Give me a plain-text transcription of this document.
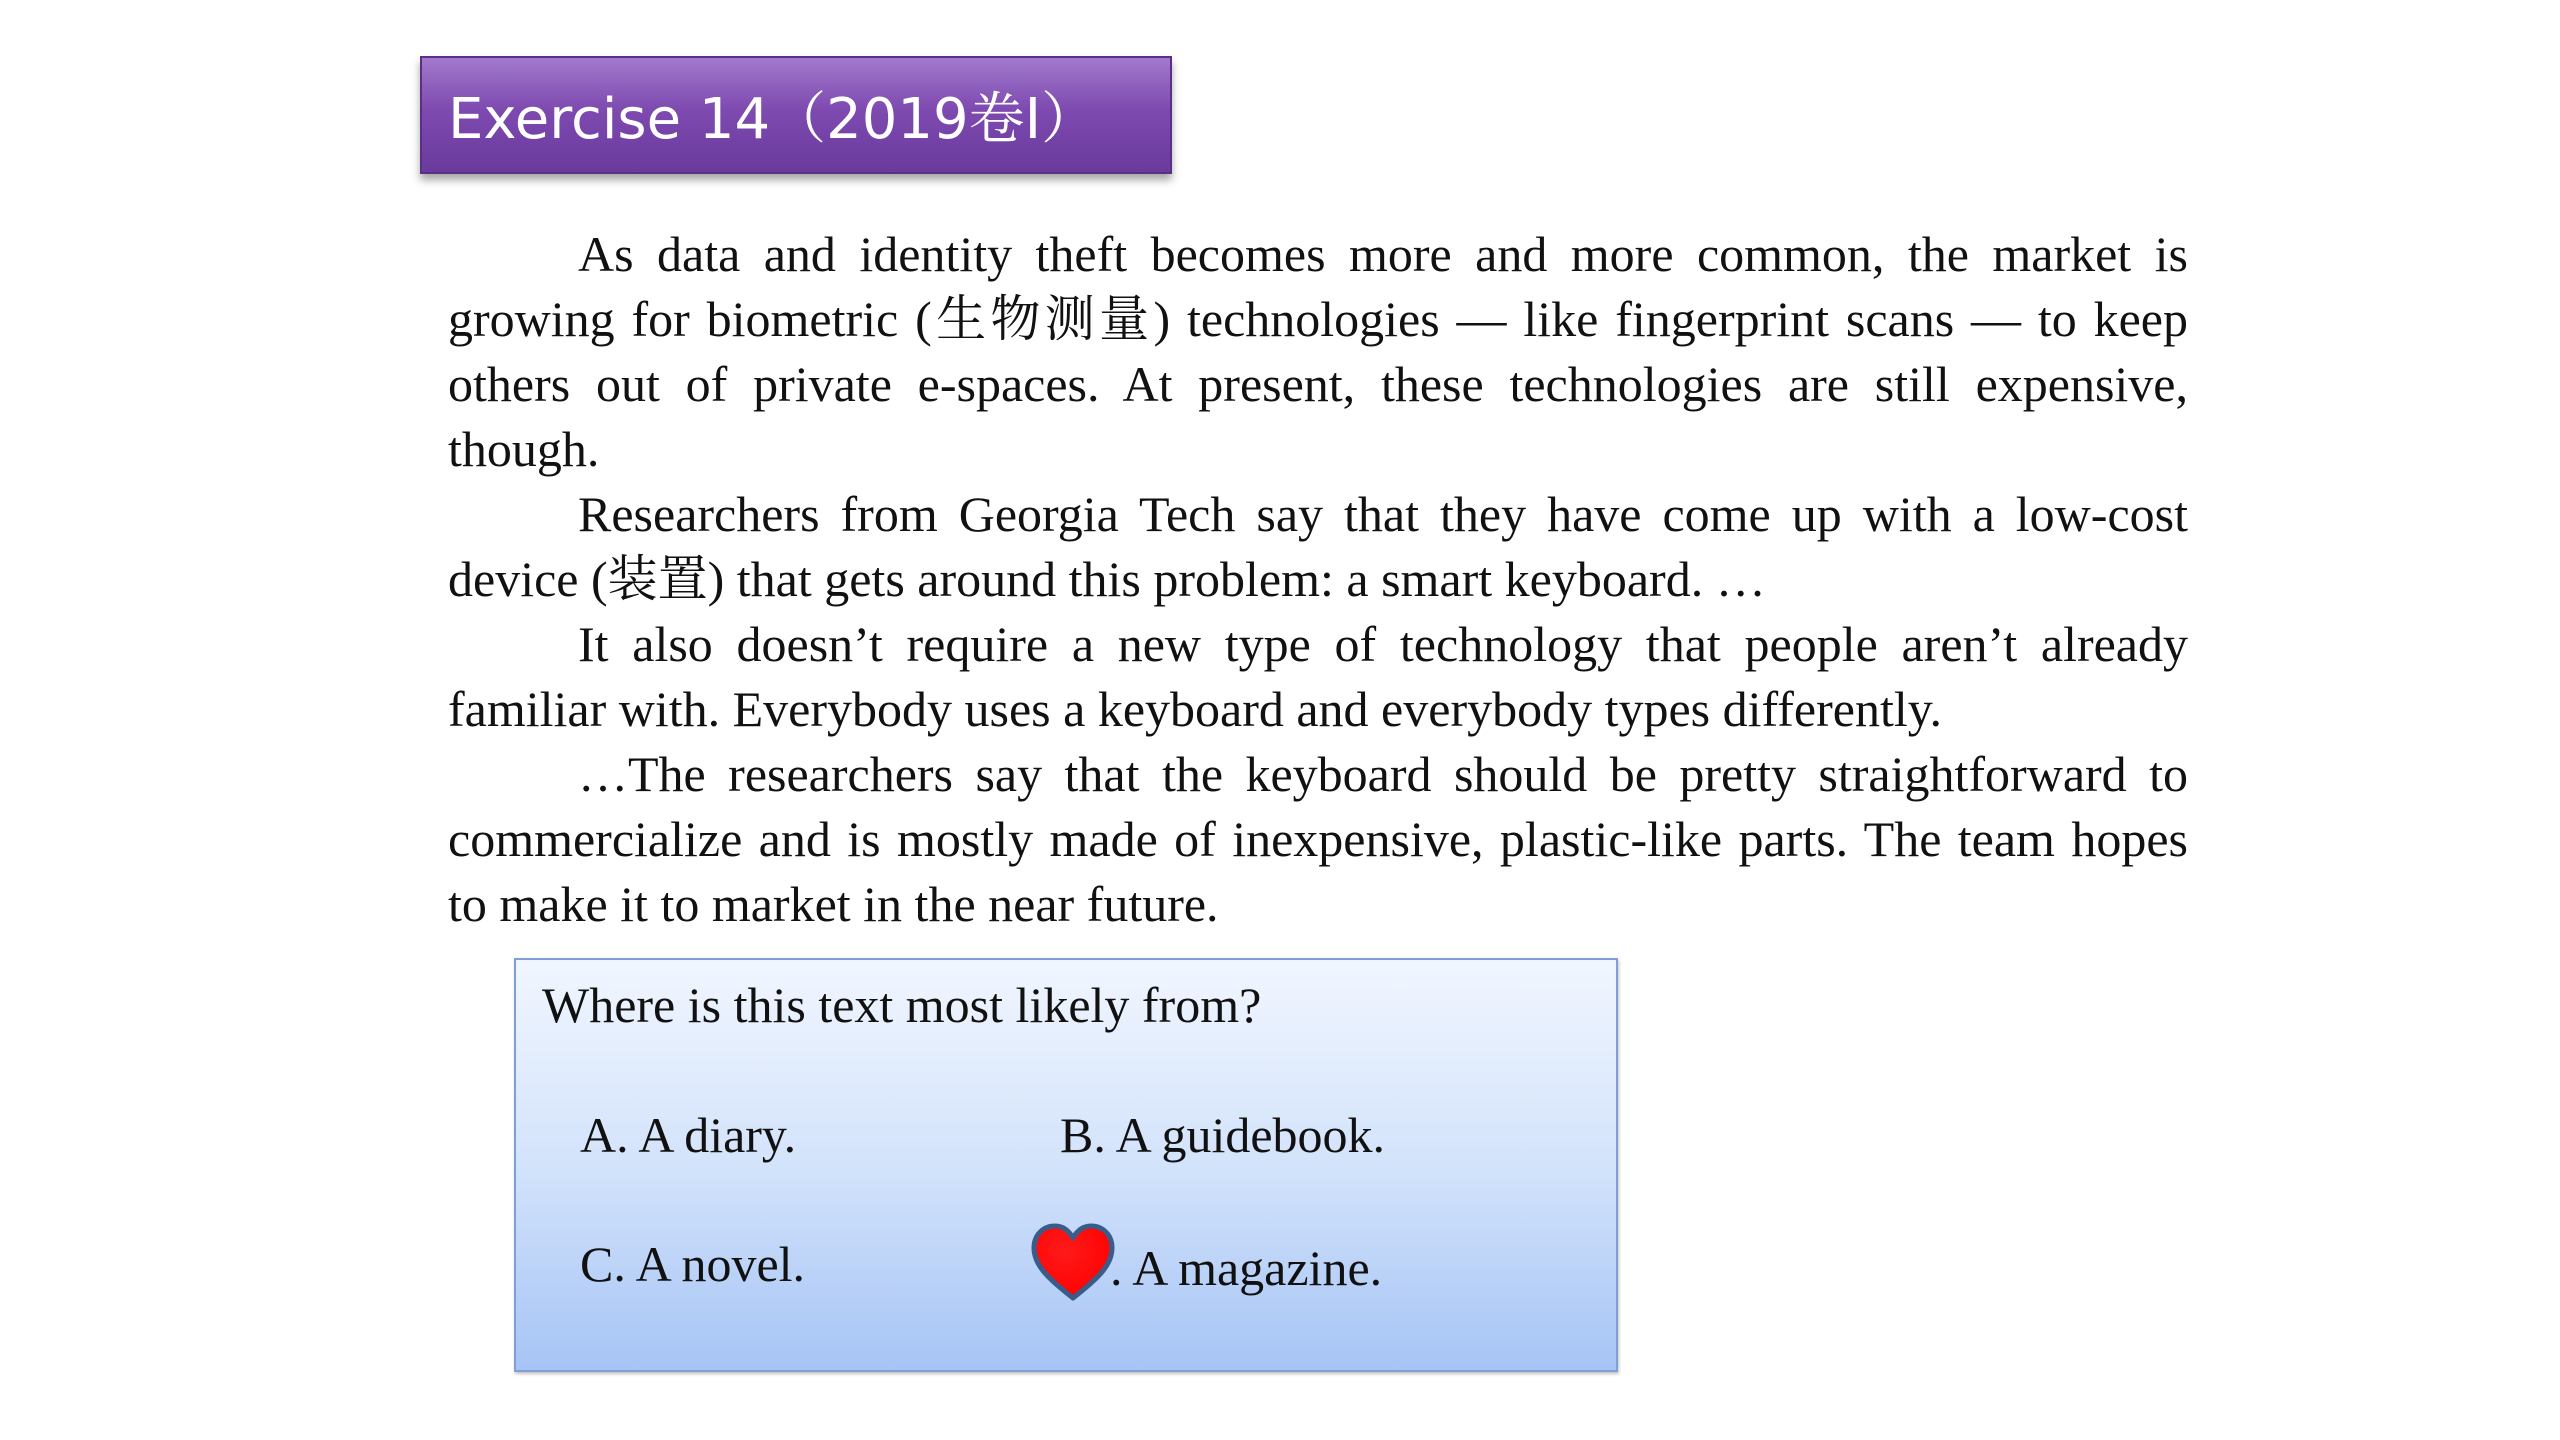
Exercise 14（2019卷Ⅰ）

As data and identity theft becomes more and more common, the market is growing for biometric (生物测量) technologies — like fingerprint scans — to keep others out of private e-spaces. At present, these technologies are still expensive, though.

Researchers from Georgia Tech say that they have come up with a low-cost device (装置) that gets around this problem: a smart keyboard. …

It also doesn’t require a new type of technology that people aren’t already familiar with. Everybody uses a keyboard and everybody types differently.

…The researchers say that the keyboard should be pretty straightforward to commercialize and is mostly made of inexpensive, plastic-like parts. The team hopes to make it to market in the near future.

Where is this text most likely from?
A. A diary.	B. A guidebook.
C. A novel.	. A magazine.
